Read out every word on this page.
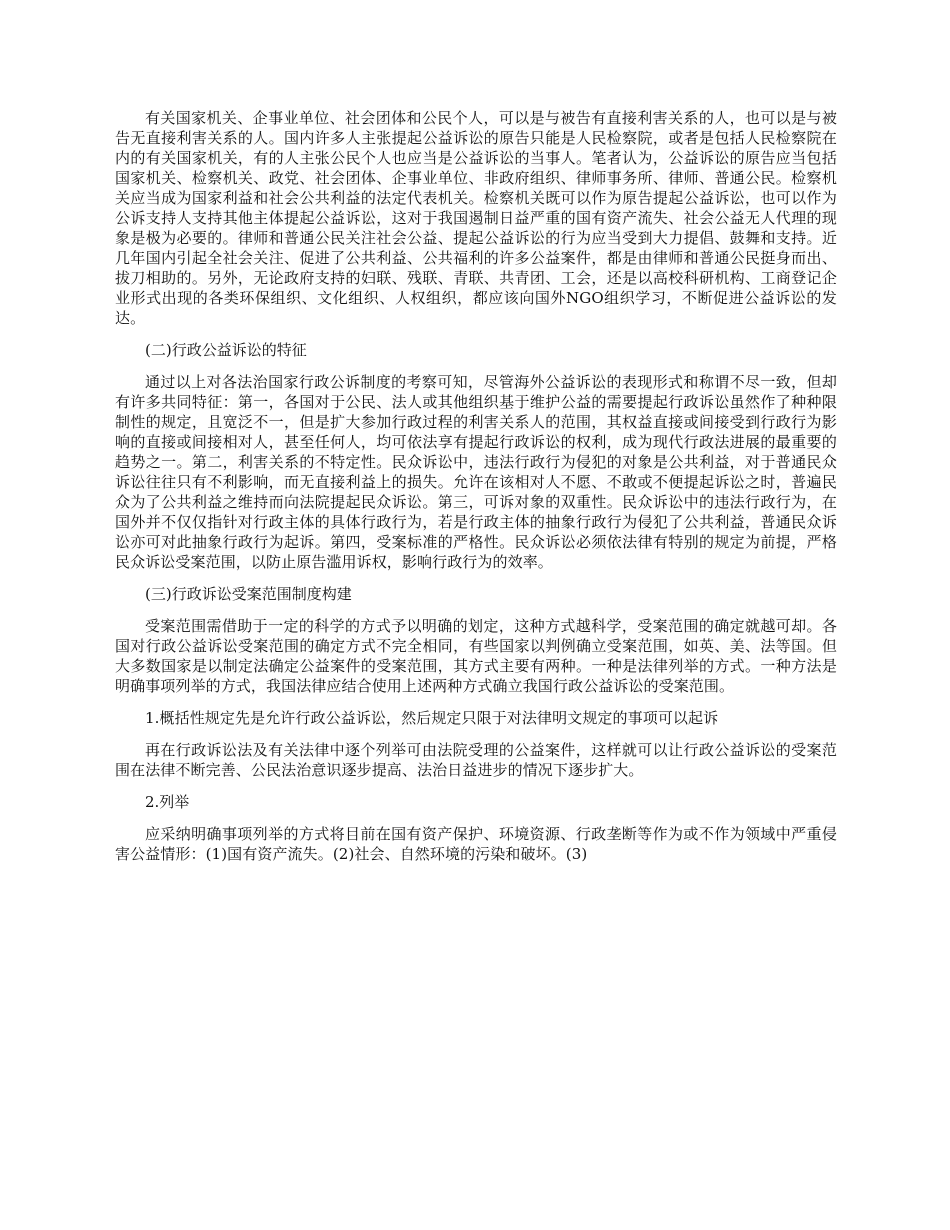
有关国家机关、企事业单位、社会团体和公民个人，可以是与被告有直接利害关系的人，也可以是与被告无直接利害关系的人。国内许多人主张提起公益诉讼的原告只能是人民检察院，或者是包括人民检察院在内的有关国家机关，有的人主张公民个人也应当是公益诉讼的当事人。笔者认为，公益诉讼的原告应当包括国家机关、检察机关、政党、社会团体、企事业单位、非政府组织、律师事务所、律师、普通公民。检察机关应当成为国家利益和社会公共利益的法定代表机关。检察机关既可以作为原告提起公益诉讼，也可以作为公诉支持人支持其他主体提起公益诉讼，这对于我国遏制日益严重的国有资产流失、社会公益无人代理的现象是极为必要的。律师和普通公民关注社会公益、提起公益诉讼的行为应当受到大力提倡、鼓舞和支持。近几年国内引起全社会关注、促进了公共利益、公共福利的许多公益案件，都是由律师和普通公民挺身而出、拔刀相助的。另外，无论政府支持的妇联、残联、青联、共青团、工会，还是以高校科研机构、工商登记企业形式出现的各类环保组织、文化组织、人权组织，都应该向国外NGO组织学习，不断促进公益诉讼的发达。

(二)行政公益诉讼的特征

通过以上对各法治国家行政公诉制度的考察可知，尽管海外公益诉讼的表现形式和称谓不尽一致，但却有许多共同特征：第一，各国对于公民、法人或其他组织基于维护公益的需要提起行政诉讼虽然作了种种限制性的规定，且宽泛不一，但是扩大参加行政过程的利害关系人的范围，其权益直接或间接受到行政行为影响的直接或间接相对人，甚至任何人，均可依法享有提起行政诉讼的权利，成为现代行政法进展的最重要的趋势之一。第二，利害关系的不特定性。民众诉讼中，违法行政行为侵犯的对象是公共利益，对于普通民众诉讼往往只有不利影响，而无直接利益上的损失。允许在该相对人不愿、不敢或不便提起诉讼之时，普遍民众为了公共利益之维持而向法院提起民众诉讼。第三，可诉对象的双重性。民众诉讼中的违法行政行为，在国外并不仅仅指针对行政主体的具体行政行为，若是行政主体的抽象行政行为侵犯了公共利益，普通民众诉讼亦可对此抽象行政行为起诉。第四，受案标准的严格性。民众诉讼必须依法律有特别的规定为前提，严格民众诉讼受案范围，以防止原告滥用诉权，影响行政行为的效率。

(三)行政诉讼受案范围制度构建

受案范围需借助于一定的科学的方式予以明确的划定，这种方式越科学，受案范围的确定就越可却。各国对行政公益诉讼受案范围的确定方式不完全相同，有些国家以判例确立受案范围，如英、美、法等国。但大多数国家是以制定法确定公益案件的受案范围，其方式主要有两种。一种是法律列举的方式。一种方法是明确事项列举的方式，我国法律应结合使用上述两种方式确立我国行政公益诉讼的受案范围。

1.概括性规定先是允许行政公益诉讼，然后规定只限于对法律明文规定的事项可以起诉

再在行政诉讼法及有关法律中逐个列举可由法院受理的公益案件，这样就可以让行政公益诉讼的受案范围在法律不断完善、公民法治意识逐步提高、法治日益进步的情况下逐步扩大。

2.列举

应采纳明确事项列举的方式将目前在国有资产保护、环境资源、行政垄断等作为或不作为领域中严重侵害公益情形：(1)国有资产流失。(2)社会、自然环境的污染和破坏。(3)
